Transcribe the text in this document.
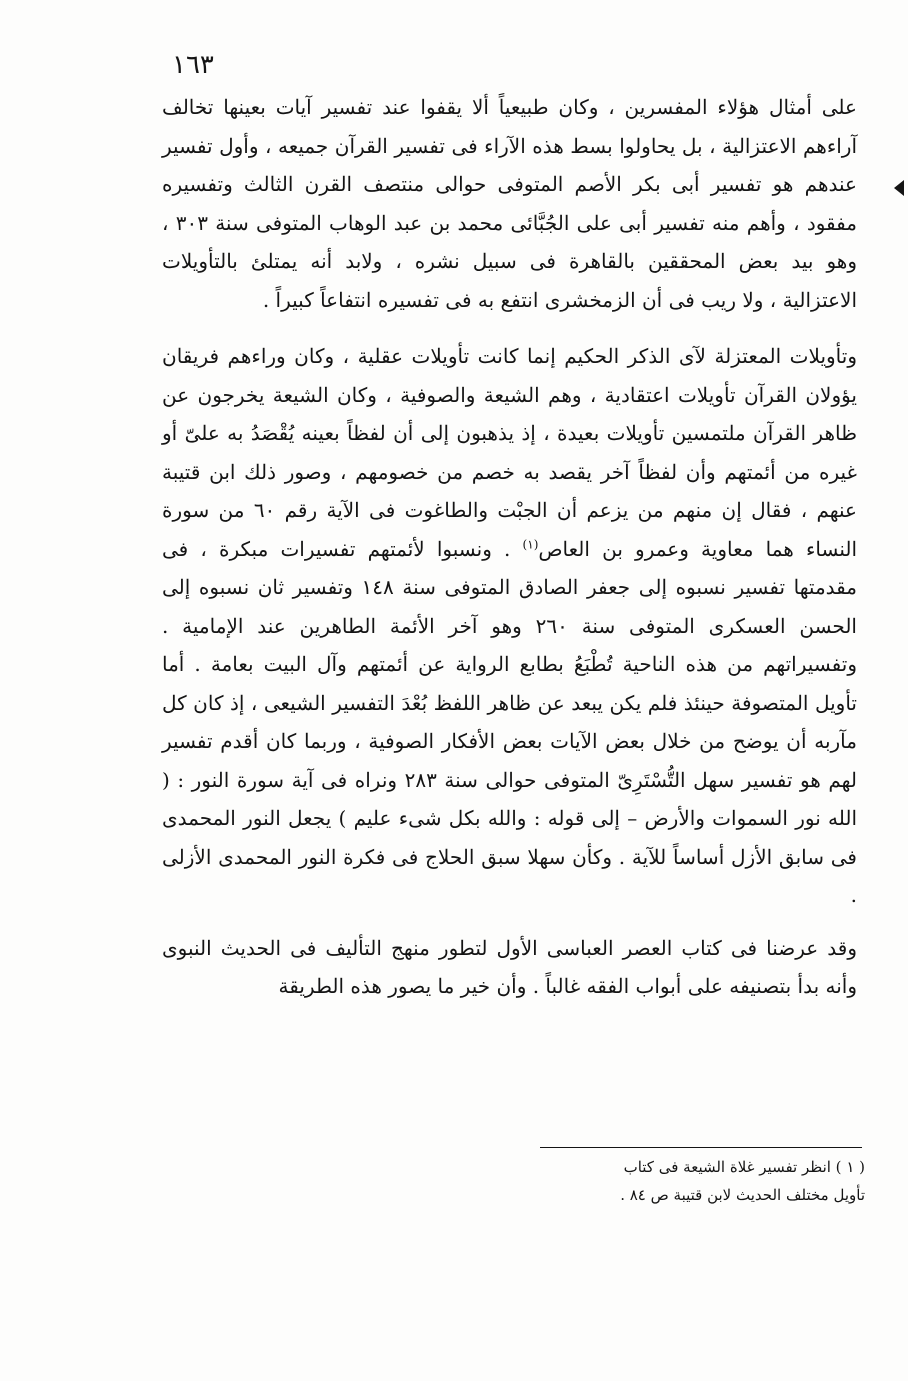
١٦٣

على أمثال هؤلاء المفسرين ، وكان طبيعياً ألا يقفوا عند تفسير آيات بعينها تخالف آراءهم الاعتزالية ، بل يحاولوا بسط هذه الآراء فى تفسير القرآن جميعه ، وأول تفسير عندهم هو تفسير أبى بكر الأصم المتوفى حوالى منتصف القرن الثالث وتفسيره مفقود ، وأهم منه تفسير أبى على الجُبَّائى محمد بن عبد الوهاب المتوفى سنة ٣٠٣ ، وهو بيد بعض المحققين بالقاهرة فى سبيل نشره ، ولابد أنه يمتلئ بالتأويلات الاعتزالية ، ولا ريب فى أن الزمخشرى انتفع به فى تفسيره انتفاعاً كبيراً .

وتأويلات المعتزلة لآى الذكر الحكيم إنما كانت تأويلات عقلية ، وكان وراءهم فريقان يؤولان القرآن تأويلات اعتقادية ، وهم الشيعة والصوفية ، وكان الشيعة يخرجون عن ظاهر القرآن ملتمسين تأويلات بعيدة ، إذ يذهبون إلى أن لفظاً بعينه يُقْصَدُ به علىّ أو غيره من أئمتهم وأن لفظاً آخر يقصد به خصم من خصومهم ، وصور ذلك ابن قتيبة عنهم ، فقال إن منهم من يزعم أن الجبْت والطاغوت فى الآية رقم ٦٠ من سورة النساء هما معاوية وعمرو بن العاص$^{(١)}$ . ونسبوا لأئمتهم تفسيرات مبكرة ، فى مقدمتها تفسير نسبوه إلى جعفر الصادق المتوفى سنة ١٤٨ وتفسير ثان نسبوه إلى الحسن العسكرى المتوفى سنة ٢٦٠ وهو آخر الأئمة الطاهرين عند الإمامية . وتفسيراتهم من هذه الناحية تُطْبَعُ بطابع الرواية عن أئمتهم وآل البيت بعامة . أما تأويل المتصوفة حينئذ فلم يكن يبعد عن ظاهر اللفظ بُعْدَ التفسير الشيعى ، إذ كان كل مآربه أن يوضح من خلال بعض الآيات بعض الأفكار الصوفية ، وربما كان أقدم تفسير لهم هو تفسير سهل التُّسْتَرِىّ المتوفى حوالى سنة ٢٨٣ ونراه فى آية سورة النور : ( الله نور السموات والأرض – إلى قوله : والله بكل شىء عليم ) يجعل النور المحمدى فى سابق الأزل أساساً للآية . وكأن سهلا سبق الحلاج فى فكرة النور المحمدى الأزلى .

وقد عرضنا فى كتاب العصر العباسى الأول لتطور منهج التأليف فى الحديث النبوى وأنه بدأ بتصنيفه على أبواب الفقه غالباً . وأن خير ما يصور هذه الطريقة

( ١ ) انظر تفسير غلاة الشيعة فى كتاب

تأويل مختلف الحديث لابن قتيبة ص ٨٤ .
